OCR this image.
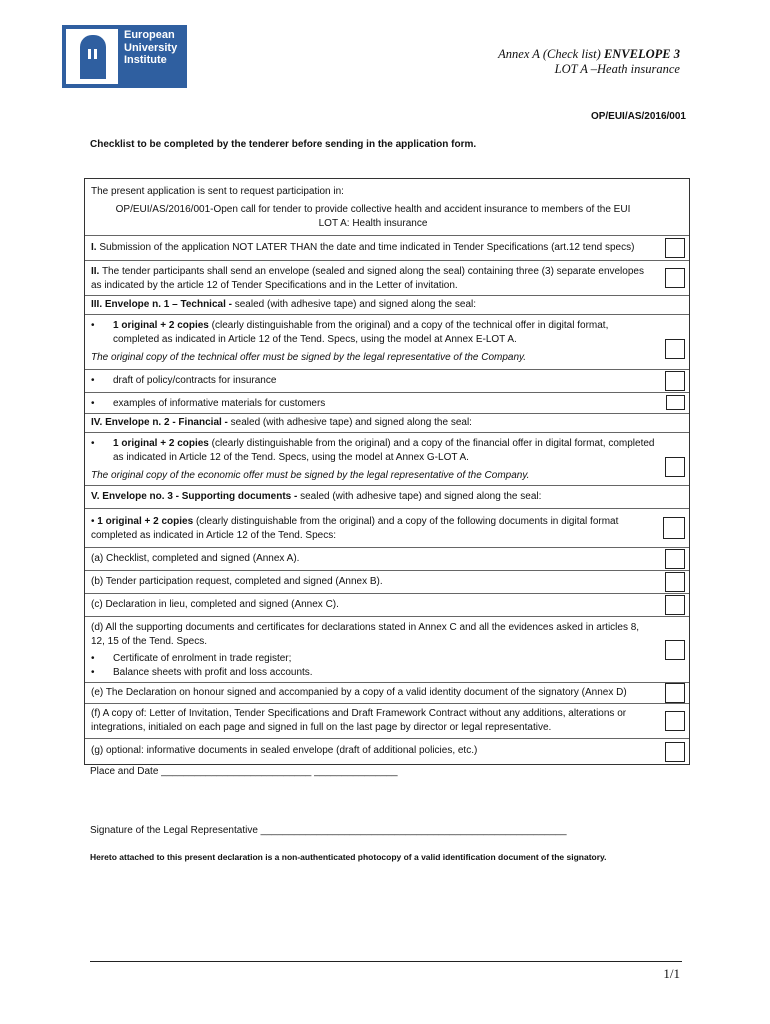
European
University
Institute	Annex A (Check list) ENVELOPE 3
LOT A –Heath insurance
OP/EUI/AS/2016/001
Checklist to be completed by the tenderer before sending in the application form.
The present application is sent to request participation in:
OP/EUI/AS/2016/001-Open call for tender to provide collective health and accident insurance to members of the EUI
LOT A: Health insurance
I. Submission of the application NOT LATER THAN the date and time indicated in Tender Specifications (art.12 tend specs)
II. The tender participants shall send an envelope (sealed and signed along the seal) containing three (3) separate envelopes as indicated by the article 12 of Tender Specifications and in the Letter of invitation.
III. Envelope n. 1 – Technical - sealed (with adhesive tape) and signed along the seal:
• 1 original + 2 copies (clearly distinguishable from the original) and a copy of the technical offer in digital format, completed as indicated in Article 12 of the Tend. Specs, using the model at Annex E-LOT A.
The original copy of the technical offer must be signed by the legal representative of the Company.
• draft of policy/contracts for insurance
• examples of informative materials for customers
IV. Envelope n. 2 - Financial - sealed (with adhesive tape) and signed along the seal:
• 1 original + 2 copies (clearly distinguishable from the original) and a copy of the financial offer in digital format, completed as indicated in Article 12 of the Tend. Specs, using the model at Annex G-LOT A.
The original copy of the economic offer must be signed by the legal representative of the Company.
V. Envelope no. 3 - Supporting documents - sealed (with adhesive tape) and signed along the seal:
• 1 original + 2 copies (clearly distinguishable from the original) and a copy of the following documents in digital format completed as indicated in Article 12 of the Tend. Specs:
(a) Checklist, completed and signed (Annex A).
(b) Tender participation request, completed and signed (Annex B).
(c) Declaration in lieu, completed and signed (Annex C).
(d) All the supporting documents and certificates for declarations stated in Annex C and all the evidences asked in articles 8, 12, 15 of the Tend. Specs.
• Certificate of enrolment in trade register;
• Balance sheets with profit and loss accounts.
(e) The Declaration on honour signed and accompanied by a copy of a valid identity document of the signatory (Annex D)
(f) A copy of: Letter of Invitation, Tender Specifications and Draft Framework Contract without any additions, alterations or integrations, initialed on each page and signed in full on the last page by director or legal representative.
(g) optional: informative documents in sealed envelope (draft of additional policies, etc.)
Place and Date ___________________________ _______________
Signature of the Legal Representative _______________________________________________________
Hereto attached to this present declaration is a non-authenticated photocopy of a valid identification document of the signatory.
1/1
